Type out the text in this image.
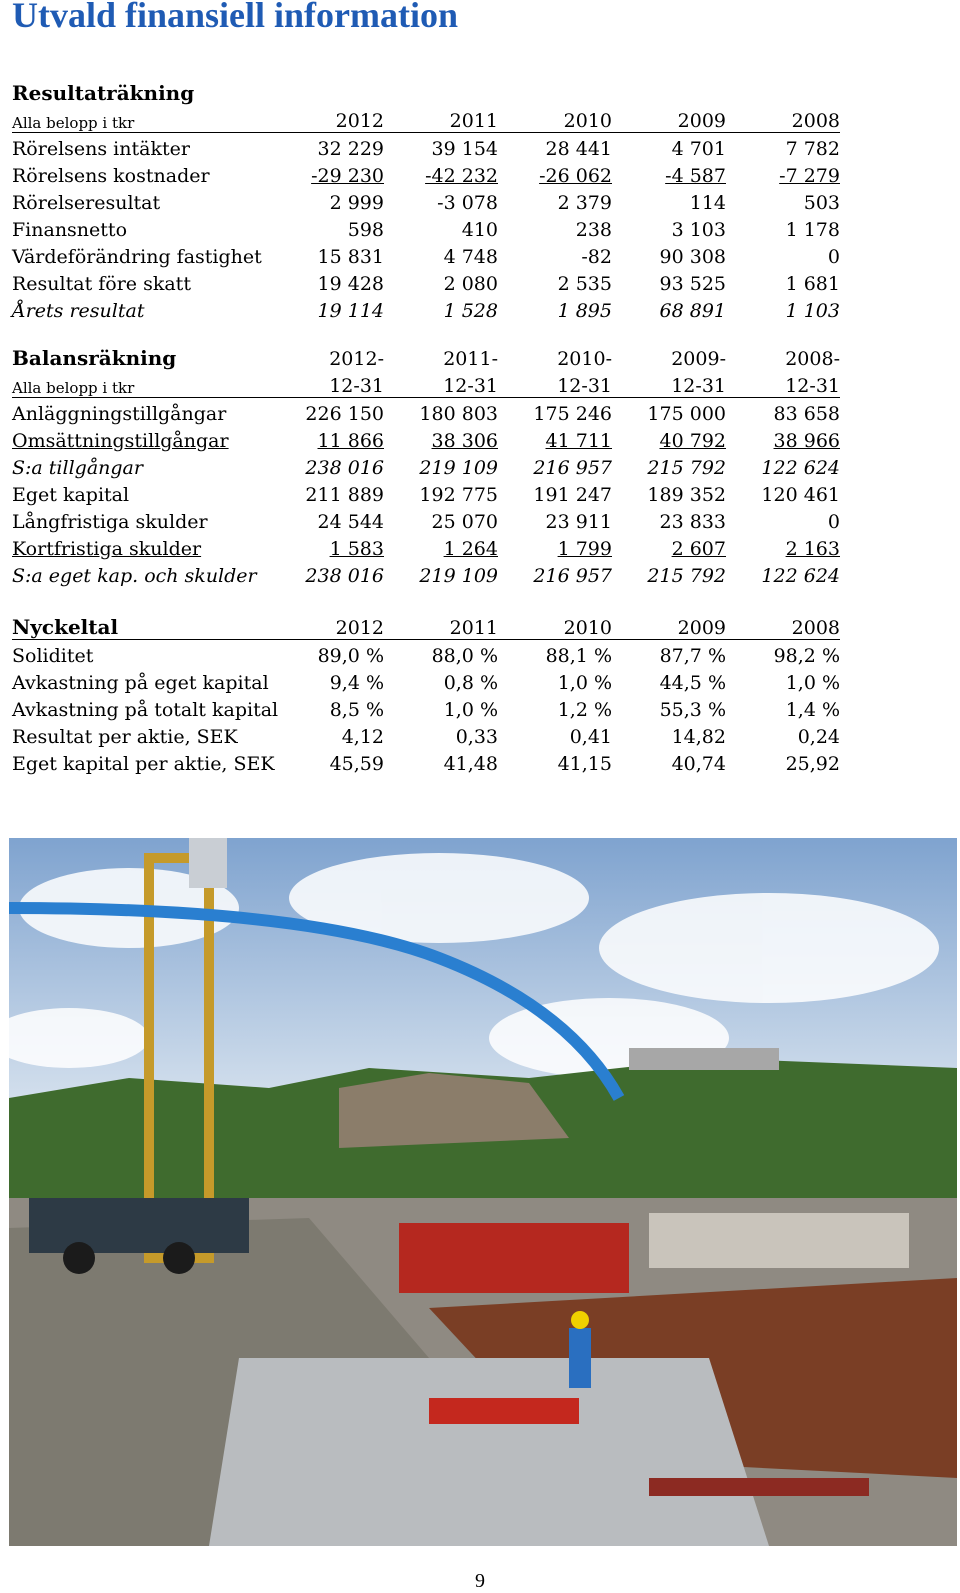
Utvald finansiell information
Resultaträkning					
Alla belopp i tkr	2012	2011	2010	2009	2008
Rörelsens intäkter	32 229	39 154	28 441	4 701	7 782
Rörelsens kostnader	-29 230	-42 232	-26 062	-4 587	-7 279
Rörelseresultat	2 999	-3 078	2 379	114	503
Finansnetto	598	410	238	3 103	1 178
Värdeförändring fastighet	15 831	4 748	-82	90 308	0
Resultat före skatt	19 428	2 080	2 535	93 525	1 681
Årets resultat	19 114	1 528	1 895	68 891	1 103
Balansräkning	2012-	2011-	2010-	2009-	2008-
Alla belopp i tkr	12-31	12-31	12-31	12-31	12-31
Anläggningstillgångar	226 150	180 803	175 246	175 000	83 658
Omsättningstillgångar	11 866	38 306	41 711	40 792	38 966
S:a tillgångar	238 016	219 109	216 957	215 792	122 624
Eget kapital	211 889	192 775	191 247	189 352	120 461
Långfristiga skulder	24 544	25 070	23 911	23 833	0
Kortfristiga skulder	1 583	1 264	1 799	2 607	2 163
S:a eget kap. och skulder	238 016	219 109	216 957	215 792	122 624
Nyckeltal	2012	2011	2010	2009	2008
Soliditet	89,0 %	88,0 %	88,1 %	87,7 %	98,2 %
Avkastning på eget kapital	9,4 %	0,8 %	1,0 %	44,5 %	1,0 %
Avkastning på totalt kapital	8,5 %	1,0 %	1,2 %	55,3 %	1,4 %
Resultat per aktie, SEK	4,12	0,33	0,41	14,82	0,24
Eget kapital per aktie, SEK	45,59	41,48	41,15	40,74	25,92
9
